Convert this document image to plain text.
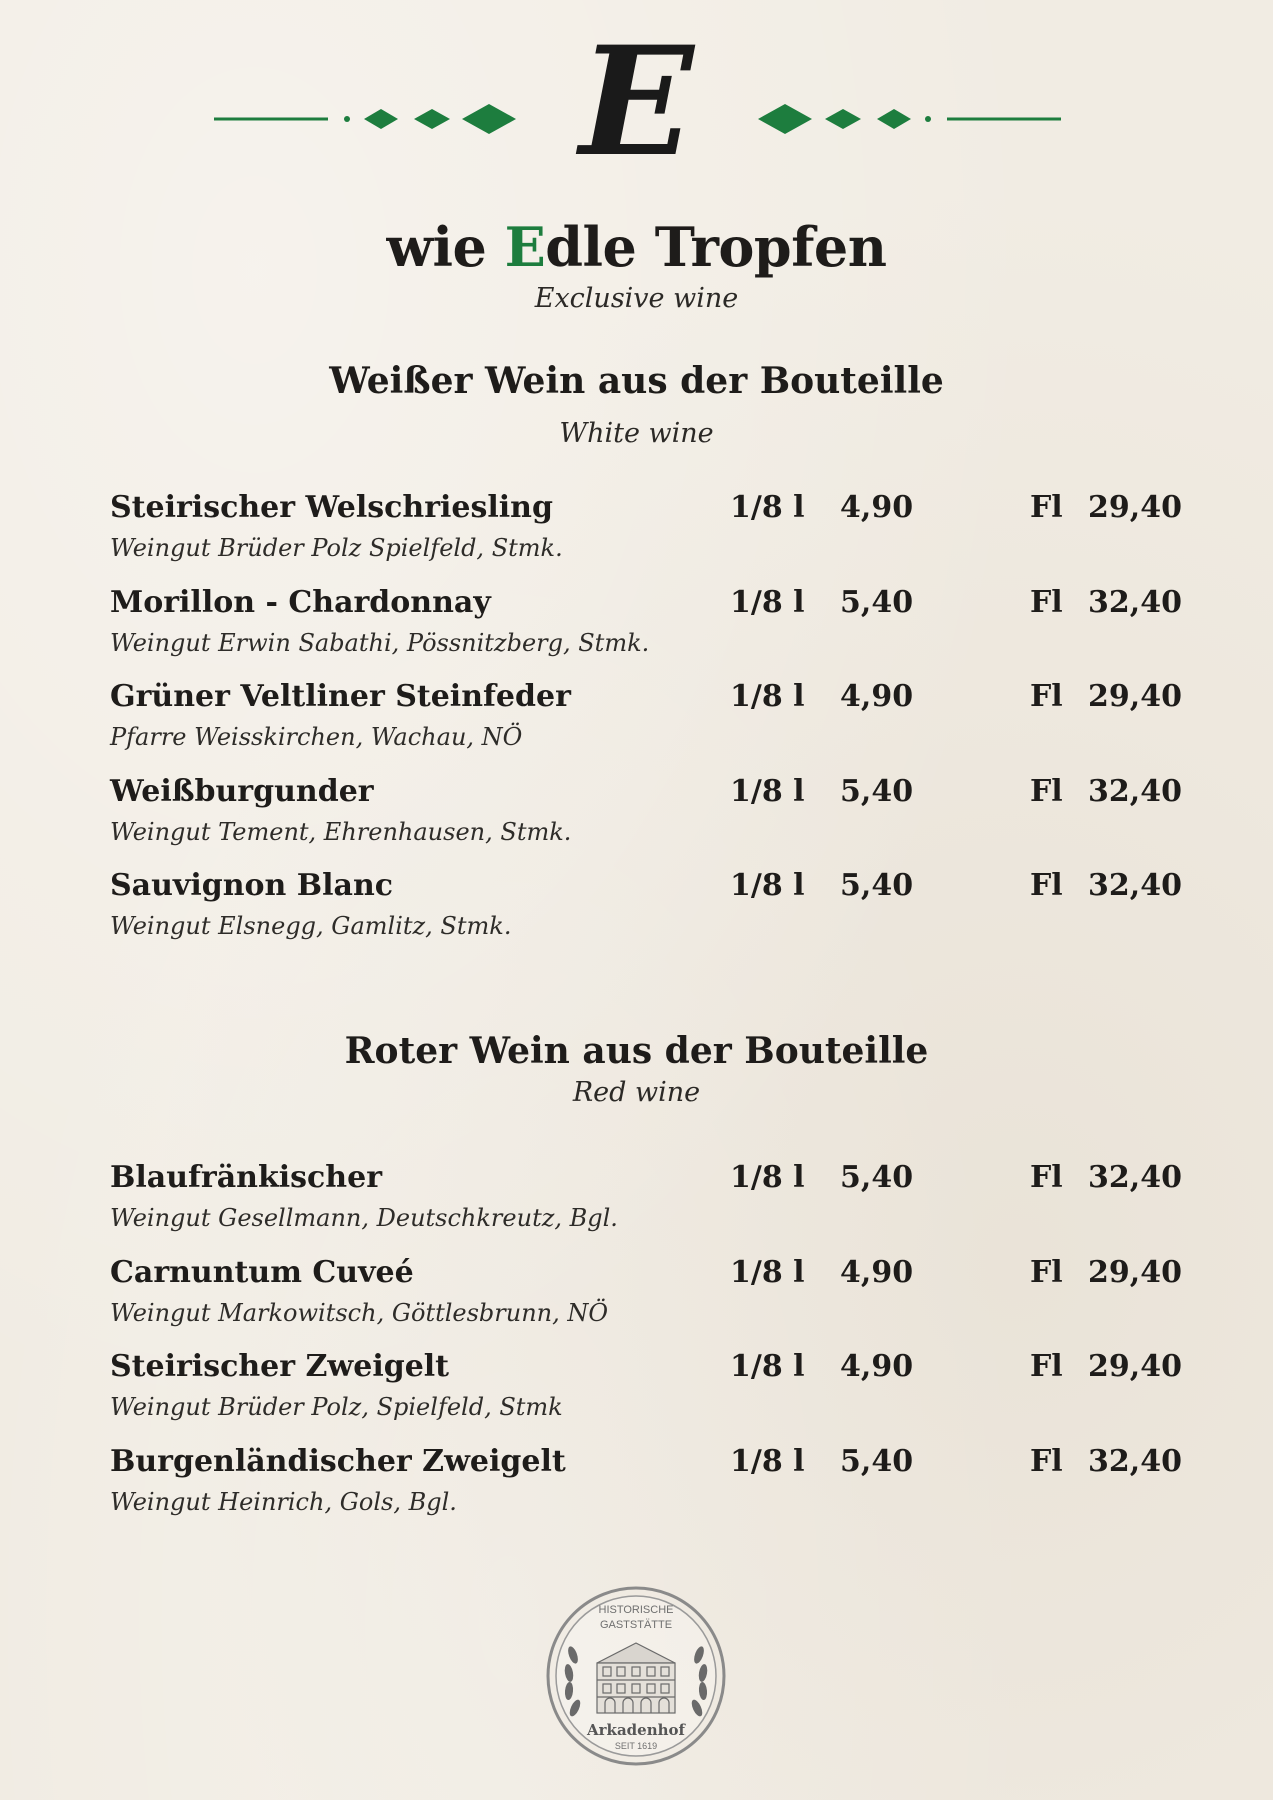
E
wie Edle Tropfen
Exclusive wine
Weißer Wein aus der Bouteille
White wine
Steirischer Welschriesling
Weingut Brüder Polz Spielfeld, Stmk.
1/8 l 4,90	Fl 29,40
Morillon - Chardonnay
Weingut Erwin Sabathi, Pössnitzberg, Stmk.
1/8 l 5,40	Fl 32,40
Grüner Veltliner Steinfeder
Pfarre Weisskirchen, Wachau, NÖ
1/8 l 4,90	Fl 29,40
Weißburgunder
Weingut Tement, Ehrenhausen, Stmk.
1/8 l 5,40	Fl 32,40
Sauvignon Blanc
Weingut Elsnegg, Gamlitz, Stmk.
1/8 l 5,40	Fl 32,40
Roter Wein aus der Bouteille
Red wine
Blaufränkischer
Weingut Gesellmann, Deutschkreutz, Bgl.
1/8 l 5,40	Fl 32,40
Carnuntum Cuveé
Weingut Markowitsch, Göttlesbrunn, NÖ
1/8 l 4,90	Fl 29,40
Steirischer Zweigelt
Weingut Brüder Polz, Spielfeld, Stmk
1/8 l 4,90	Fl 29,40
Burgenländischer Zweigelt
Weingut Heinrich, Gols, Bgl.
1/8 l 5,40	Fl 32,40
HISTORISCHE
GASTSTÄTTE
Arkadenhof
SEIT 1619
